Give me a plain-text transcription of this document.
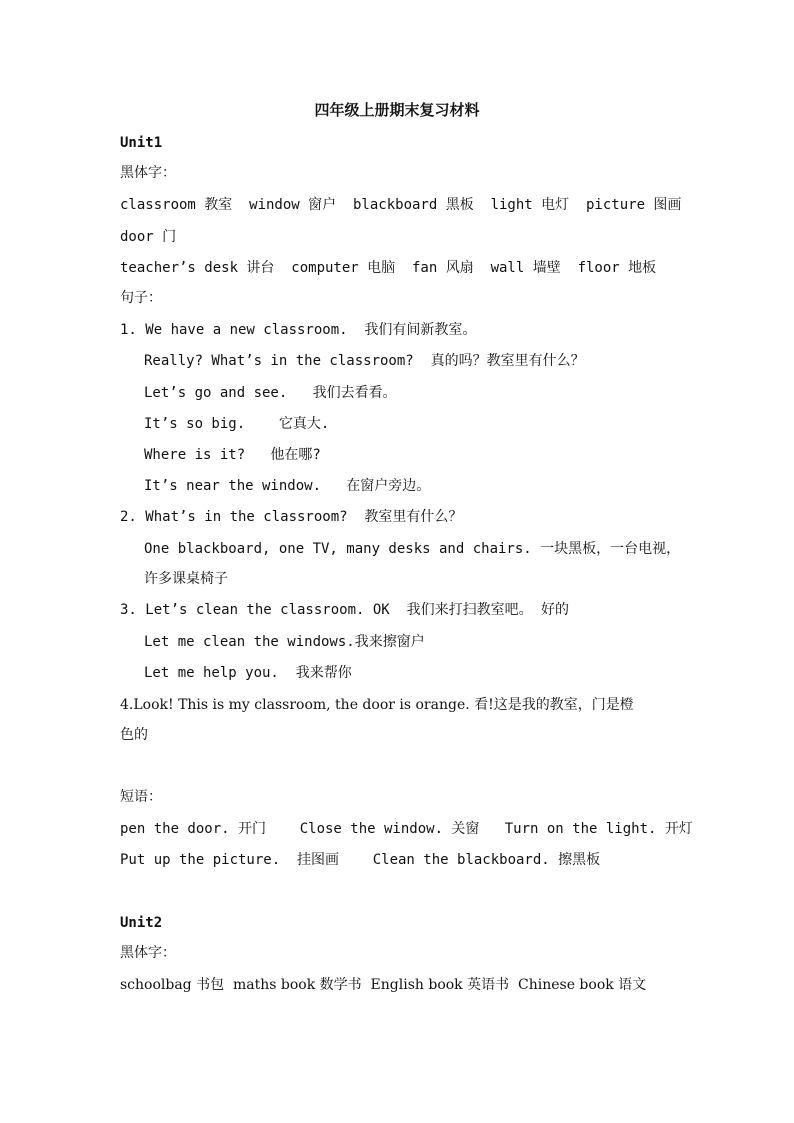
四年级上册期末复习材料
Unit1
黑体字：
classroom 教室  window 窗户  blackboard 黑板  light 电灯  picture 图画
door 门
teacher’s desk 讲台  computer 电脑  fan 风扇  wall 墙壁  floor 地板
句子：
1. We have a new classroom.  我们有间新教室。
Really? What’s in the classroom?  真的吗？教室里有什么？
Let’s go and see.   我们去看看。
It’s so big.    它真大.
Where is it?   他在哪?
It’s near the window.   在窗户旁边。
2. What’s in the classroom?  教室里有什么？
One blackboard, one TV, many desks and chairs. 一块黑板，一台电视，
许多课桌椅子
3. Let’s clean the classroom. OK  我们来打扫教室吧。 好的
Let me clean the windows.我来擦窗户
Let me help you.  我来帮你
4.Look! This is my classroom, the door is orange. 看!这是我的教室，门是橙
色的
短语：
pen the door. 开门    Close the window. 关窗   Turn on the light. 开灯
Put up the picture.  挂图画    Clean the blackboard. 擦黑板
Unit2
黑体字：
schoolbag 书包  maths book 数学书  English book 英语书  Chinese book 语文
